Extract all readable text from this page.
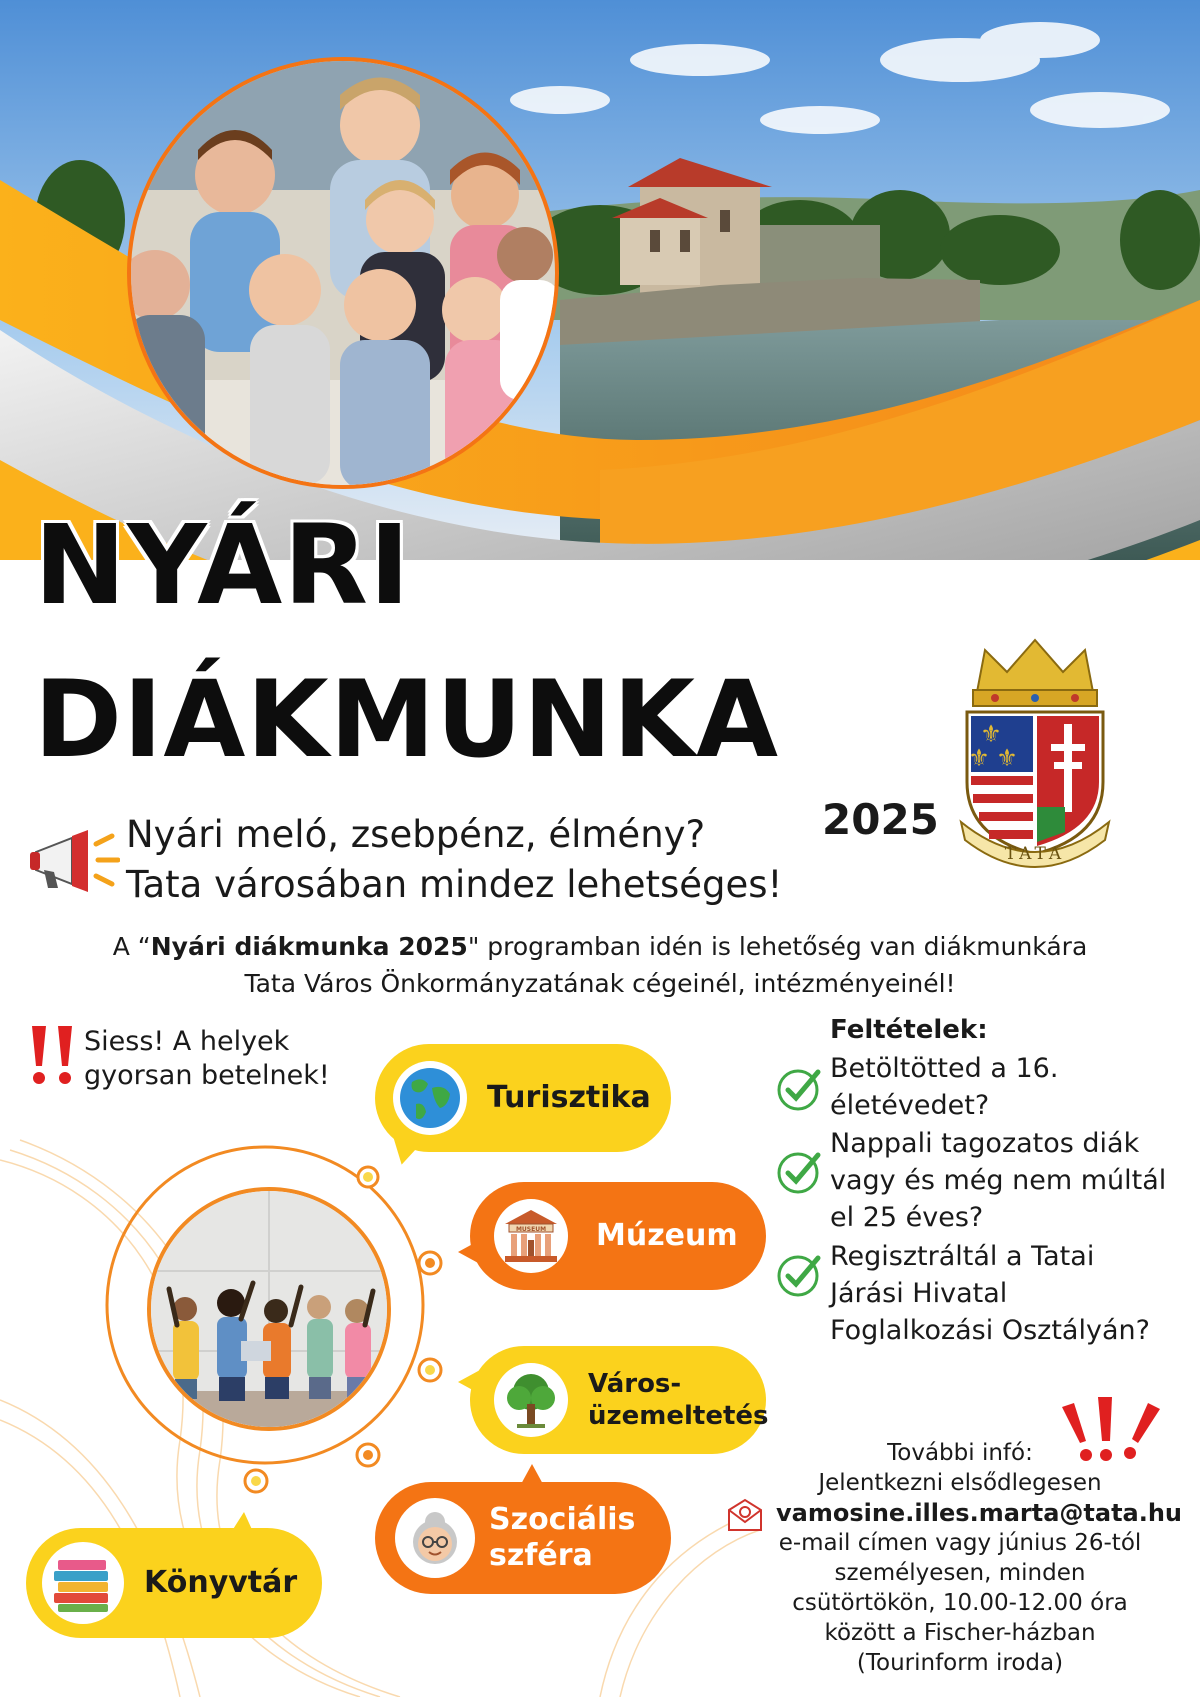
NYÁRI
DIÁKMUNKA
2025
⚜
⚜ ⚜
TATA
Nyári meló, zsebpénz, élmény?
Tata városában mindez lehetséges!
A “Nyári diákmunka 2025" programban idén is lehetőség van diákmunkára
Tata Város Önkormányzatának cégeinél, intézményeinél!
Siess! A helyek
gyorsan betelnek!
Turisztika
MUSEUM Múzeum
Város-
üzemeltetés
Szociális
szféra
Könyvtár
Feltételek:
Betöltötted a 16.
életévedet?
Nappali tagozatos diák
vagy és még nem múltál
el 25 éves?
Regisztráltál a Tatai
Járási Hivatal
Foglalkozási Osztályán?
További infó:
Jelentkezni elsődlegesen
vamosine.illes.marta@tata.hu
e-mail címen vagy június 26-tól
személyesen, minden
csütörtökön, 10.00-12.00 óra
között a Fischer-házban
(Tourinform iroda)
